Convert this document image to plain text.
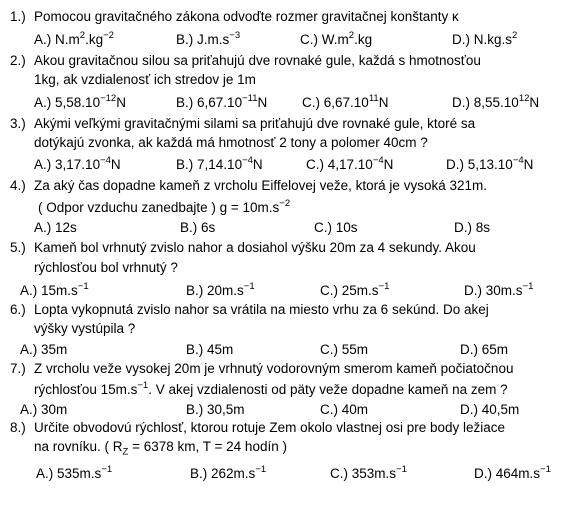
1.) Pomocou gravitačného zákona odvoďte rozmer gravitačnej konštanty κ
A.) $N.m^2.kg^{-2}$	B.) $J.m.s^{-3}$	C.) $W.m^2.kg$	D.) $N.kg.s^2$
2.) Akou gravitačnou silou sa priťahujú dve rovnaké gule, každá s hmotnosťou
1kg, ak vzdialenosť ich stredov je 1m
A.) $5,58.10^{-12}N$	B.) $6,67.10^{-11}N$	C.) 6,67.10$^{11}$N	D.) 8,55.10$^{12}$N
3.) Akými veľkými gravitačnými silami sa priťahujú dve rovnaké gule, ktoré sa
dotýkajú zvonka, ak každá má hmotnosť 2 tony a polomer 40cm ?
A.) $3,17.10^{-4}N$	B.) $7,14.10^{-4}N$	C.) $4,17.10^{-4}N$	D.) $5,13.10^{-4}N$
4.) Za aký čas dopadne kameň z vrcholu Eiffelovej veže, ktorá je vysoká 321m.
( Odpor vzduchu zanedbajte ) $g = 10m.s^{-2}$
A.) 12s	B.) 6s	C.) 10s	D.) 8s
5.) Kameň bol vrhnutý zvislo nahor a dosiahol výšku 20m za 4 sekundy. Akou
rýchlosťou bol vrhnutý ?
A.) $15m.s^{-1}$	B.) $20m.s^{-1}$	C.) $25m.s^{-1}$	D.) $30m.s^{-1}$
6.) Lopta vykopnutá zvislo nahor sa vrátila na miesto vrhu za 6 sekúnd. Do akej
výšky vystúpila ?
A.) 35m	B.) 45m	C.) 55m	D.) 65m
7.) Z vrcholu veže vysokej 20m je vrhnutý vodorovným smerom kameň počiatočnou
rýchlosťou $15m.s^{-1}$. V akej vzdialenosti od päty veže dopadne kameň na zem ?
A.) 30m	B.) 30,5m	C.) 40m	D.) 40,5m
8.) Určite obvodovú rýchlosť, ktorou rotuje Zem okolo vlastnej osi pre body ležiace
na rovníku. ( $R_Z = 6378$ km, T = 24 hodín )
A.) $535m.s^{-1}$	B.) $262m.s^{-1}$	C.) $353m.s^{-1}$	D.) $464m.s^{-1}$
